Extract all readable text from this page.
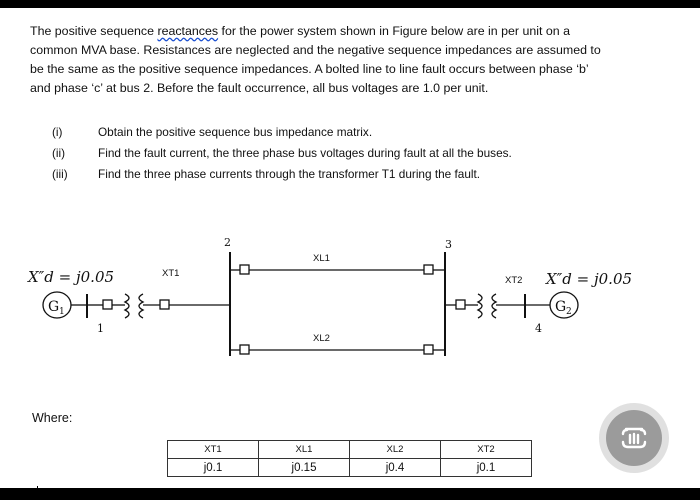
The positive sequence reactances for the power system shown in Figure below are in per unit on a

common MVA base. Resistances are neglected and the negative sequence impedances are assumed to

be the same as the positive sequence impedances. A bolted line to line fault occurs between phase ‘b’

and phase ‘c’ at bus 2. Before the fault occurrence, all bus voltages are 1.0 per unit.

(i)	Obtain the positive sequence bus impedance matrix.
(ii)	Find the fault current, the three phase bus voltages during fault at all the buses.
(iii)	Find the three phase currents through the transformer T1 during the fault.
G 1
X″d = j0.05
1
XT1
2
XL1
XL2
3
XT2
4
G 2
X″d = j0.05
Where:
XT1	XL1	XL2	XT2
j0.1	j0.15	j0.4	j0.1
